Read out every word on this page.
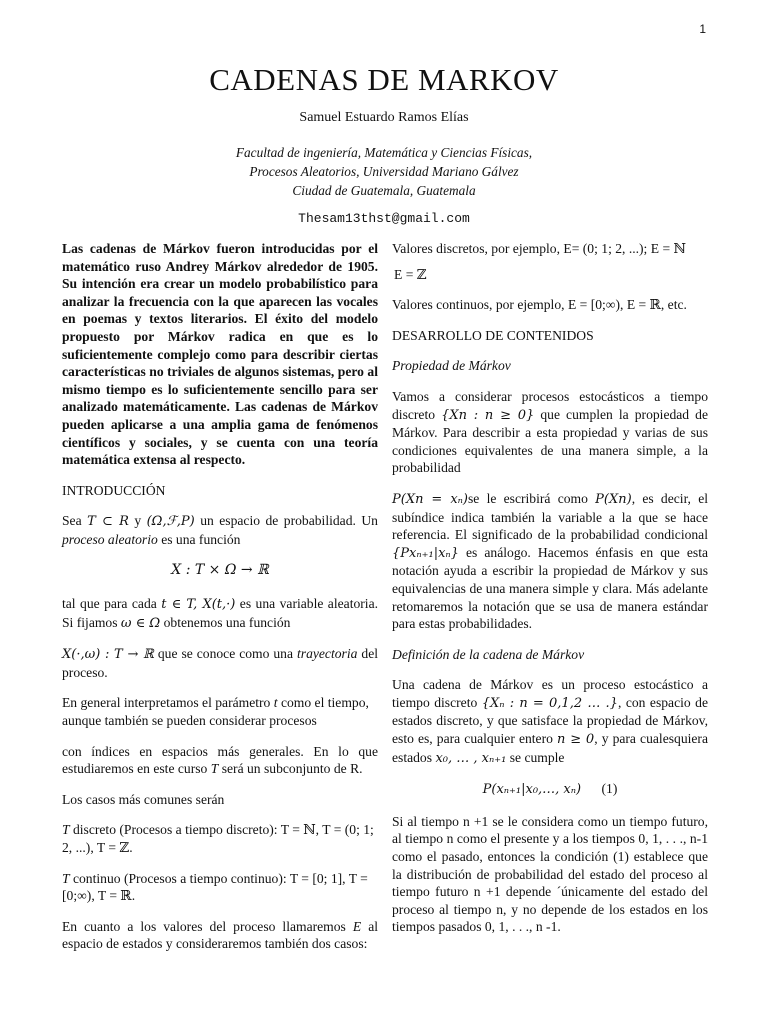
1
CADENAS DE MARKOV
Samuel Estuardo Ramos Elías
Facultad de ingeniería, Matemática y Ciencias Físicas,
Procesos Aleatorios, Universidad Mariano Gálvez
Ciudad de Guatemala, Guatemala
Thesam13thst@gmail.com

Las cadenas de Márkov fueron introducidas por el matemático ruso Andrey Márkov alrededor de 1905. Su intención era crear un modelo probabilístico para analizar la frecuencia con la que aparecen las vocales en poemas y textos literarios. El éxito del modelo propuesto por Márkov radica en que es lo suficientemente complejo como para describir ciertas características no triviales de algunos sistemas, pero al mismo tiempo es lo suficientemente sencillo para ser analizado matemáticamente. Las cadenas de Márkov pueden aplicarse a una amplia gama de fenómenos científicos y sociales, y se cuenta con una teoría matemática extensa al respecto.

INTRODUCCIÓN

Sea T ⊂ R y (Ω,ℱ,P) un espacio de probabilidad. Un proceso aleatorio es una función

X : T × Ω → ℝ

tal que para cada t ∈ T, X(t,·) es una variable aleatoria. Si fijamos ω ∈ Ω obtenemos una función

X(·,ω) : T → ℝ que se conoce como una trayectoria del proceso.

En general interpretamos el parámetro t como el tiempo, aunque también se pueden considerar procesos

con índices en espacios más generales. En lo que estudiaremos en este curso T será un subconjunto de R.

Los casos más comunes serán

T discreto (Procesos a tiempo discreto): T = ℕ, T = (0; 1; 2, ...), T = ℤ.

T continuo (Procesos a tiempo continuo): T = [0; 1], T = [0;∞), T = ℝ.

En cuanto a los valores del proceso llamaremos E al espacio de estados y consideraremos también dos casos:

Valores discretos, por ejemplo, E= (0; 1; 2, ...); E = ℕ

E = ℤ

Valores continuos, por ejemplo, E = [0;∞), E = ℝ, etc.

DESARROLLO DE CONTENIDOS

Propiedad de Márkov

Vamos a considerar procesos estocásticos a tiempo discreto {Xn : n ≥ 0} que cumplen la propiedad de Márkov. Para describir a esta propiedad y varias de sus condiciones equivalentes de una manera simple, a la probabilidad

P(Xn = xₙ)se le escribirá como P(Xn), es decir, el subíndice indica también la variable a la que se hace referencia. El significado de la probabilidad condicional {Pxₙ₊₁|xₙ} es análogo. Hacemos énfasis en que esta notación ayuda a escribir la propiedad de Márkov y sus equivalencias de una manera simple y clara. Más adelante retomaremos la notación que se usa de manera estándar para estas probabilidades.

Definición de la cadena de Márkov

Una cadena de Márkov es un proceso estocástico a tiempo discreto {Xₙ : n = 0,1,2 … .}, con espacio de estados discreto, y que satisface la propiedad de Márkov, esto es, para cualquier entero n ≥ 0, y para cualesquiera estados x₀, … , xₙ₊₁ se cumple

P(xₙ₊₁|x₀,…, xₙ) (1)

Si al tiempo n +1 se le considera como un tiempo futuro, al tiempo n como el presente y a los tiempos 0, 1, . . ., n-1 como el pasado, entonces la condición (1) establece que la distribución de probabilidad del estado del proceso al tiempo futuro n +1 depende ´únicamente del estado del proceso al tiempo n, y no depende de los estados en los tiempos pasados 0, 1, . . ., n -1.
